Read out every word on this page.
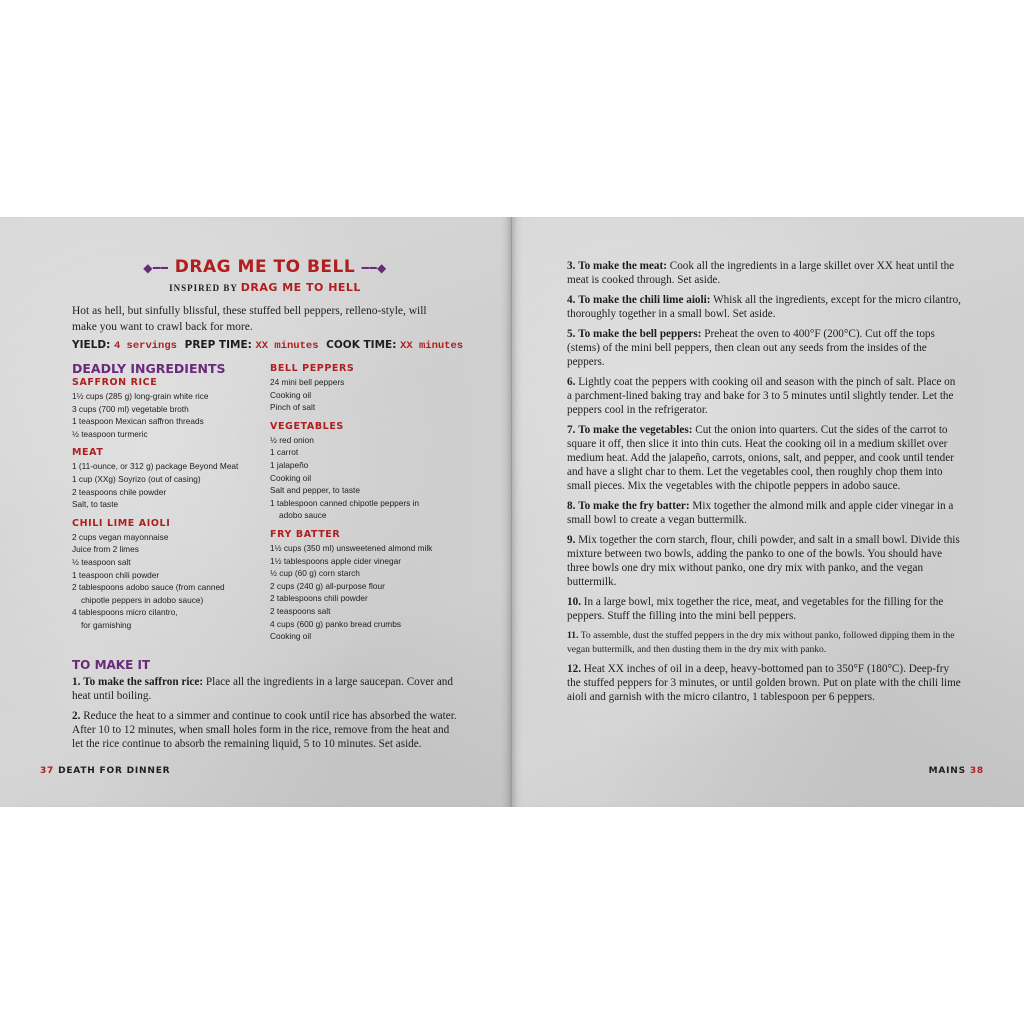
◆━━ DRAG ME TO BELL ━━◆
INSPIRED BY DRAG ME TO HELL
Hot as hell, but sinfully blissful, these stuffed bell peppers, relleno-style, will make you want to crawl back for more.
YIELD: 4 servings PREP TIME: XX minutes COOK TIME: XX minutes
DEADLY INGREDIENTS
SAFFRON RICE
1½ cups (285 g) long-grain white rice
3 cups (700 ml) vegetable broth
1 teaspoon Mexican saffron threads
½ teaspoon turmeric
MEAT
1 (11-ounce, or 312 g) package Beyond Meat
1 cup (XXg) Soyrizo (out of casing)
2 teaspoons chile powder
Salt, to taste
CHILI LIME AIOLI
2 cups vegan mayonnaise
Juice from 2 limes
½ teaspoon salt
1 teaspoon chili powder
2 tablespoons adobo sauce (from canned
chipotle peppers in adobo sauce)
4 tablespoons micro cilantro,
for garnishing
BELL PEPPERS
24 mini bell peppers
Cooking oil
Pinch of salt
VEGETABLES
½ red onion
1 carrot
1 jalapeño
Cooking oil
Salt and pepper, to taste
1 tablespoon canned chipotle peppers in
adobo sauce
FRY BATTER
1½ cups (350 ml) unsweetened almond milk
1½ tablespoons apple cider vinegar
½ cup (60 g) corn starch
2 cups (240 g) all-purpose flour
2 tablespoons chili powder
2 teaspoons salt
4 cups (600 g) panko bread crumbs
Cooking oil
TO MAKE IT
1. To make the saffron rice: Place all the ingredients in a large saucepan. Cover and heat until boiling.
2. Reduce the heat to a simmer and continue to cook until rice has absorbed the water. After 10 to 12 minutes, when small holes form in the rice, remove from the heat and let the rice continue to absorb the remaining liquid, 5 to 10 minutes. Set aside.
37 DEATH FOR DINNER
3. To make the meat: Cook all the ingredients in a large skillet over XX heat until the meat is cooked through. Set aside.
4. To make the chili lime aioli: Whisk all the ingredients, except for the micro cilantro, thoroughly together in a small bowl. Set aside.
5. To make the bell peppers: Preheat the oven to 400°F (200°C). Cut off the tops (stems) of the mini bell peppers, then clean out any seeds from the insides of the peppers.
6. Lightly coat the peppers with cooking oil and season with the pinch of salt. Place on a parchment-lined baking tray and bake for 3 to 5 minutes until slightly tender. Let the peppers cool in the refrigerator.
7. To make the vegetables: Cut the onion into quarters. Cut the sides of the carrot to square it off, then slice it into thin cuts. Heat the cooking oil in a medium skillet over medium heat. Add the jalapeño, carrots, onions, salt, and pepper, and cook until tender and have a slight char to them. Let the vegetables cool, then roughly chop them into small pieces. Mix the vegetables with the chipotle peppers in adobo sauce.
8. To make the fry batter: Mix together the almond milk and apple cider vinegar in a small bowl to create a vegan buttermilk.
9. Mix together the corn starch, flour, chili powder, and salt in a small bowl. Divide this mixture between two bowls, adding the panko to one of the bowls. You should have three bowls one dry mix without panko, one dry mix with panko, and the vegan buttermilk.
10. In a large bowl, mix together the rice, meat, and vegetables for the filling for the peppers. Stuff the filling into the mini bell peppers.
11. To assemble, dust the stuffed peppers in the dry mix without panko, followed dipping them in the vegan buttermilk, and then dusting them in the dry mix with panko.
12. Heat XX inches of oil in a deep, heavy-bottomed pan to 350°F (180°C). Deep-fry the stuffed peppers for 3 minutes, or until golden brown. Put on plate with the chili lime aioli and garnish with the micro cilantro, 1 tablespoon per 6 peppers.
MAINS 38
